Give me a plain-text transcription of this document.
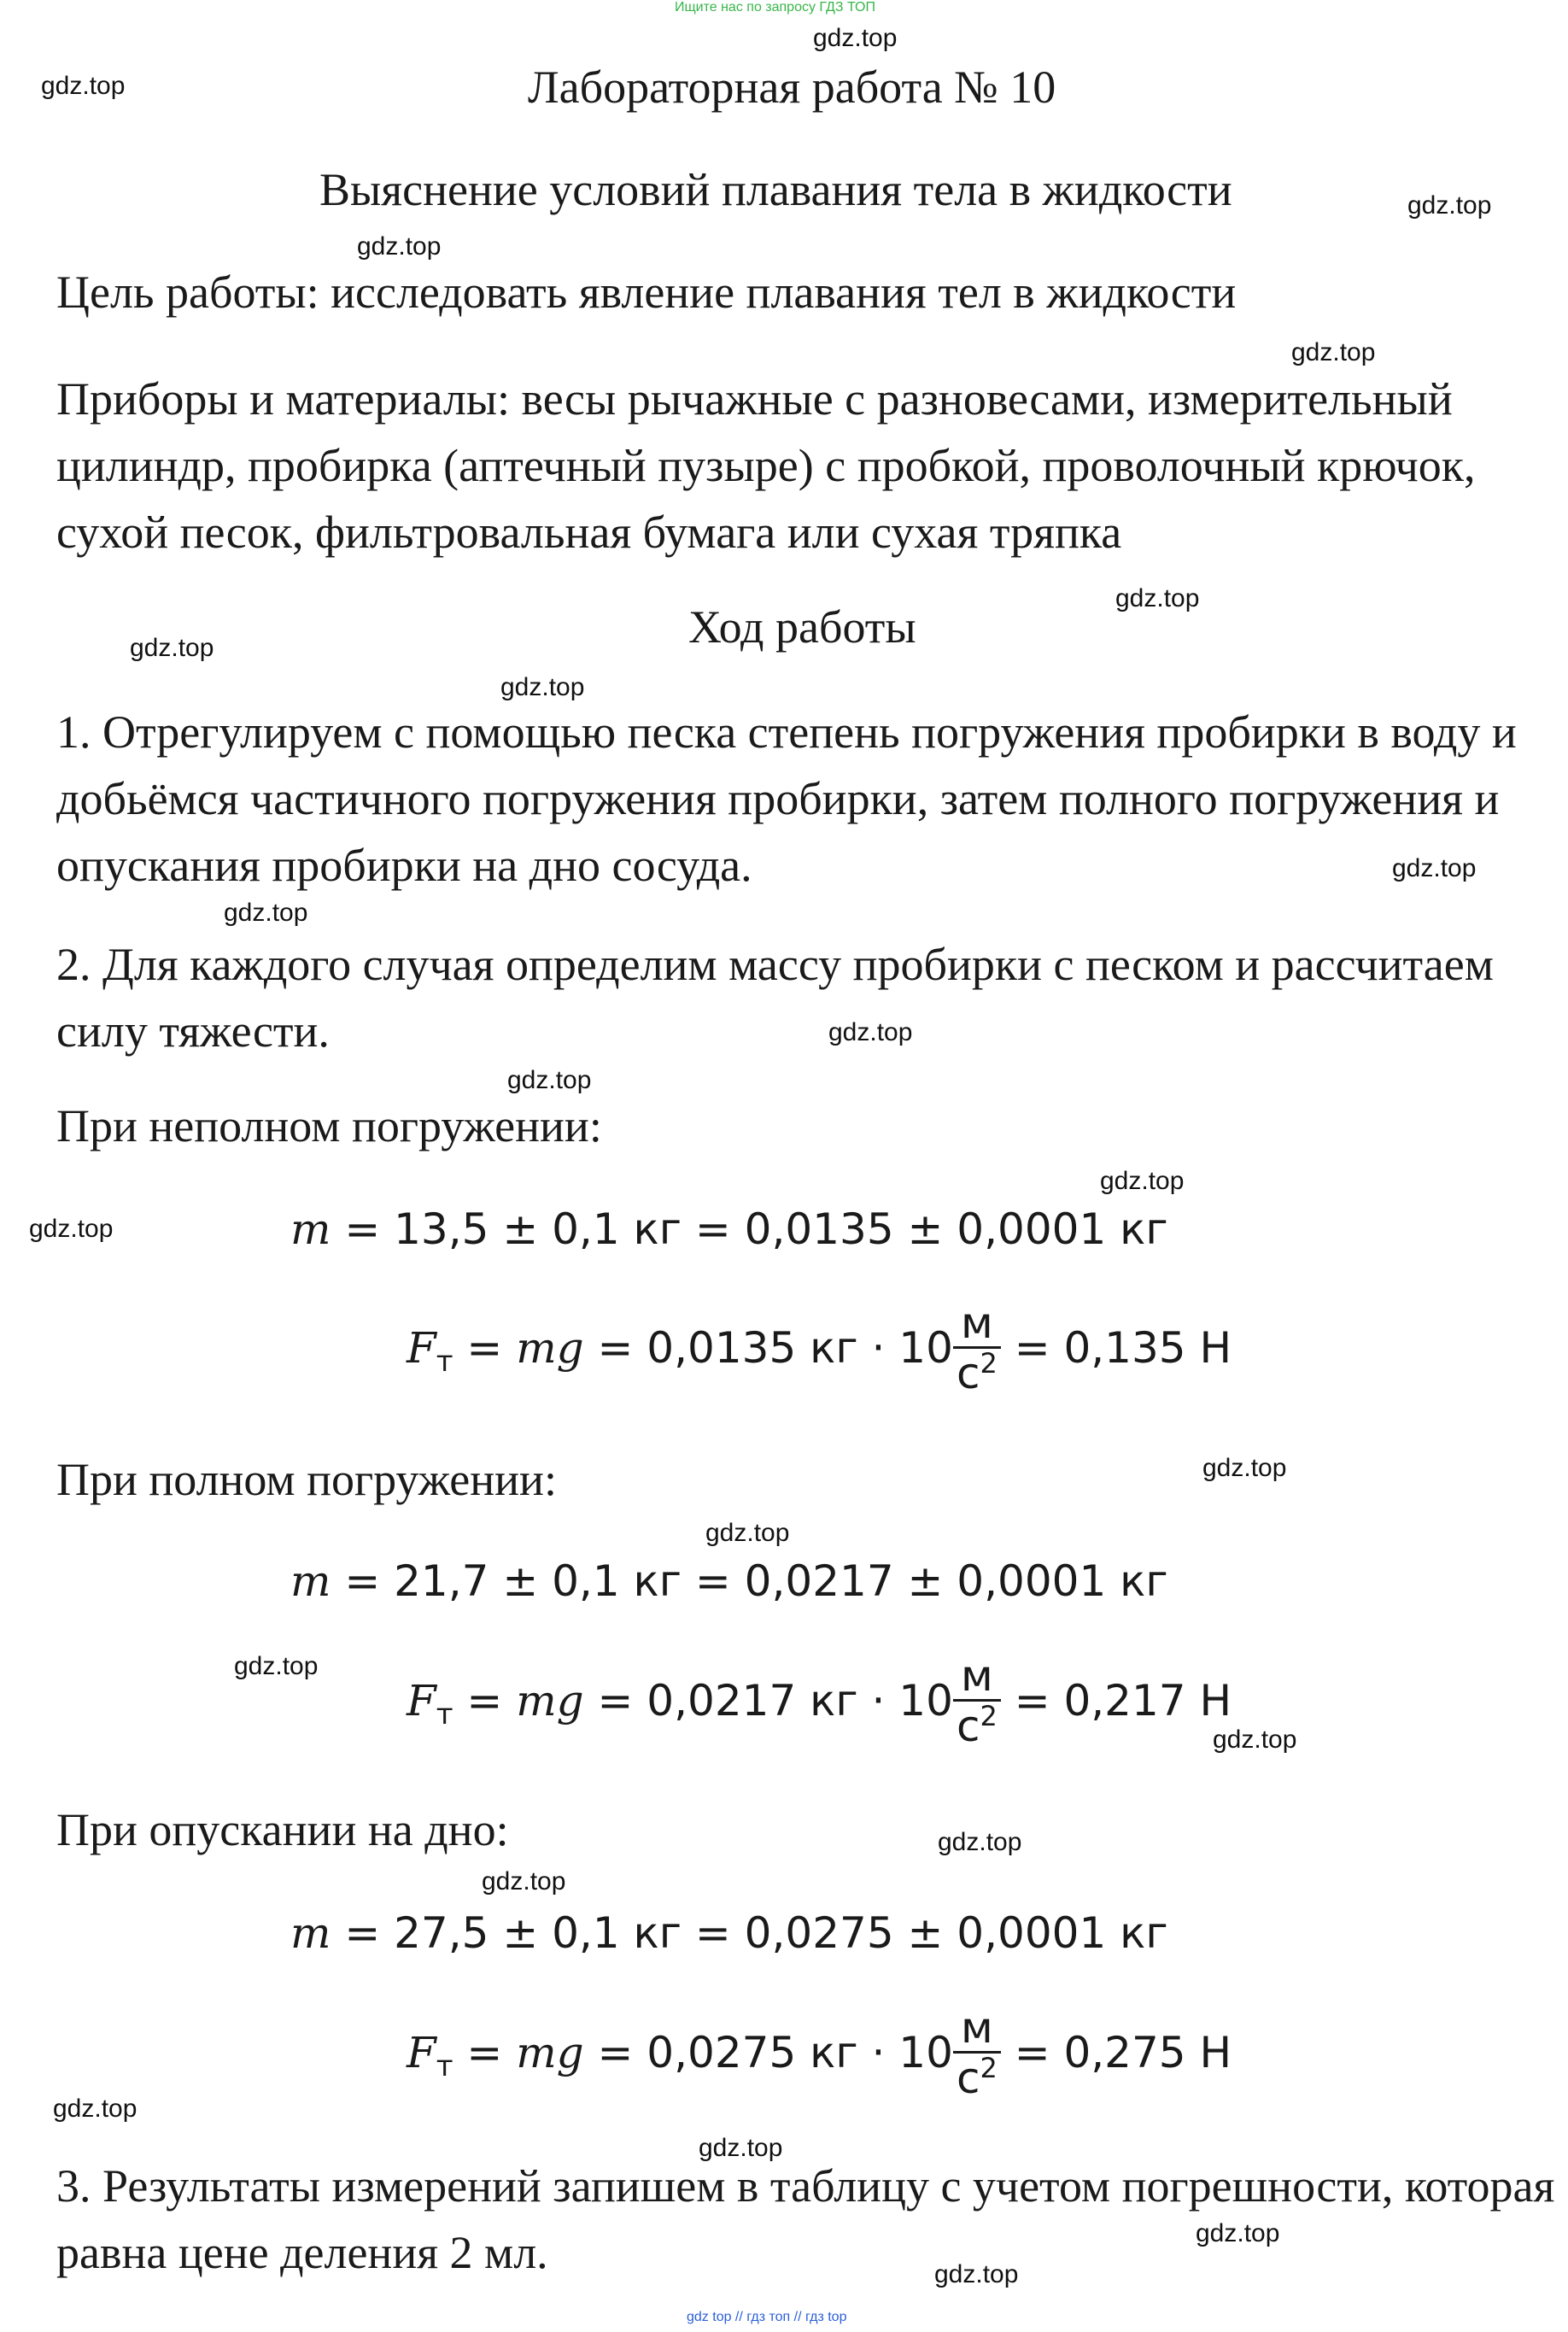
Ищите нас по запросу ГДЗ ТОП
Лабораторная работа № 10
Выяснение условий плавания тела в жидкости
Цель работы: исследовать явление плавания тел в жидкости
Приборы и материалы: весы рычажные с разновесами, измерительный цилиндр, пробирка (аптечный пузыре) с пробкой, проволочный крючок, сухой песок, фильтровальная бумага или сухая тряпка
Ход работы
1. Отрегулируем с помощью песка степень погружения пробирки в воду и добьёмся частичного погружения пробирки, затем полного погружения и опускания пробирки на дно сосуда.
2. Для каждого случая определим массу пробирки с песком и рассчитаем силу тяжести.
При неполном погружении:
m = 13,5 ± 0,1 кг = 0,0135 ± 0,0001 кг
$F_т$ = mg = 0,0135 кг · $10 \frac{м}{с^2} = 0,135$ Н
При полном погружении:
m = 21,7 ± 0,1 кг = 0,0217 ± 0,0001 кг
$F_т$ = mg = 0,0217 кг · $10 \frac{м}{с^2} = 0,217$ Н
При опускании на дно:
m = 27,5 ± 0,1 кг = 0,0275 ± 0,0001 кг
$F_т$ = mg = 0,0275 кг · $10 \frac{м}{с^2} = 0,275$ Н
3. Результаты измерений запишем в таблицу с учетом погрешности, которая равна цене деления 2 мл.
gdz.top
gdz.top
gdz.top
gdz.top
gdz.top
gdz.top
gdz.top
gdz.top
gdz.top
gdz.top
gdz.top
gdz.top
gdz.top
gdz.top
gdz.top
gdz.top
gdz.top
gdz.top
gdz.top
gdz.top
gdz.top
gdz.top
gdz.top
gdz.top
gdz top // гдз топ // гдз top
